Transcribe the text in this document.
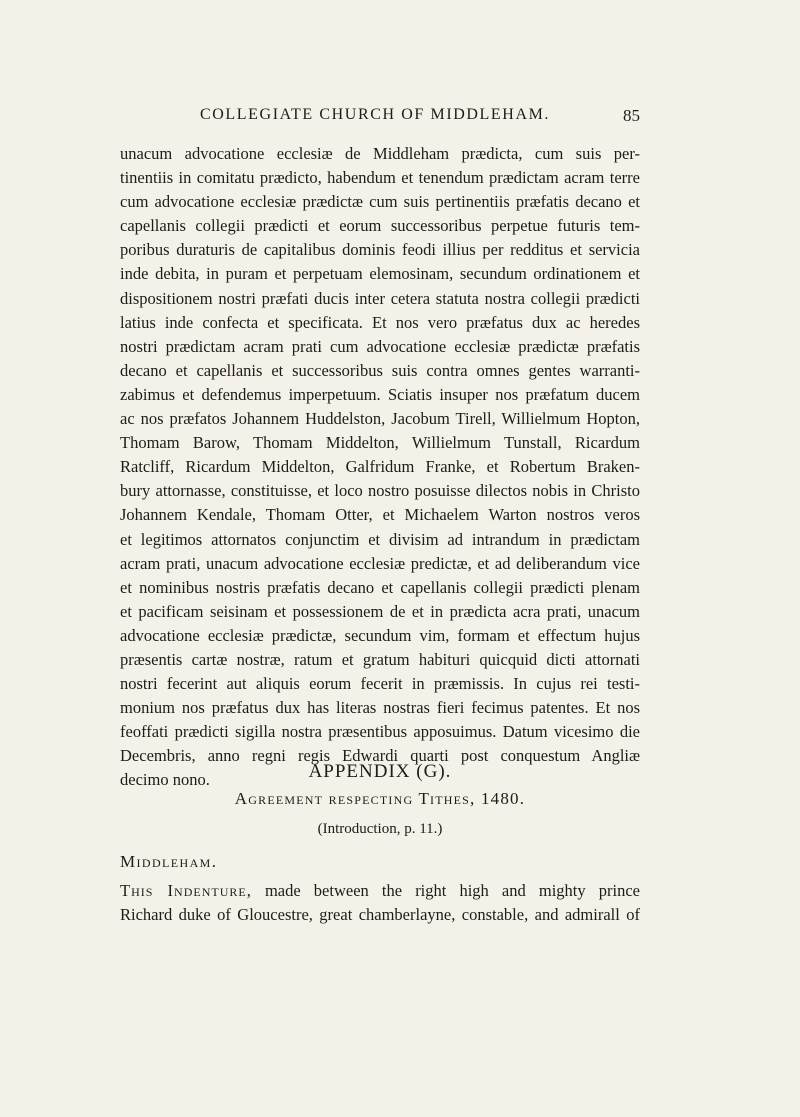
COLLEGIATE CHURCH OF MIDDLEHAM.	85
unacum advocatione ecclesiæ de Middleham prædicta, cum suis per-
tinentiis in comitatu prædicto, habendum et tenendum prædictam acram terre
cum advocatione ecclesiæ prædictæ cum suis pertinentiis præfatis decano et
capellanis collegii prædicti et eorum successoribus perpetue futuris tem-
poribus duraturis de capitalibus dominis feodi illius per redditus et servicia
inde debita, in puram et perpetuam elemosinam, secundum ordinationem et
dispositionem nostri præfati ducis inter cetera statuta nostra collegii prædicti
latius inde confecta et specificata. Et nos vero præfatus dux ac heredes
nostri prædictam acram prati cum advocatione ecclesiæ prædictæ præfatis
decano et capellanis et successoribus suis contra omnes gentes warranti-
zabimus et defendemus imperpetuum. Sciatis insuper nos præfatum ducem
ac nos præfatos Johannem Huddelston, Jacobum Tirell, Willielmum Hopton,
Thomam Barow, Thomam Middelton, Willielmum Tunstall, Ricardum
Ratcliff, Ricardum Middelton, Galfridum Franke, et Robertum Braken-
bury attornasse, constituisse, et loco nostro posuisse dilectos nobis in Christo
Johannem Kendale, Thomam Otter, et Michaelem Warton nostros veros
et legitimos attornatos conjunctim et divisim ad intrandum in prædictam
acram prati, unacum advocatione ecclesiæ predictæ, et ad deliberandum vice
et nominibus nostris præfatis decano et capellanis collegii prædicti plenam
et pacificam seisinam et possessionem de et in prædicta acra prati, unacum
advocatione ecclesiæ prædictæ, secundum vim, formam et effectum hujus
præsentis cartæ nostræ, ratum et gratum habituri quicquid dicti attornati
nostri fecerint aut aliquis eorum fecerit in præmissis. In cujus rei testi-
monium nos præfatus dux has literas nostras fieri fecimus patentes. Et nos
feoffati prædicti sigilla nostra præsentibus apposuimus. Datum vicesimo die
Decembris, anno regni regis Edwardi quarti post conquestum Angliæ
decimo nono.	APPENDIX (G).
Agreement respecting Tithes, 1480.
(Introduction, p. 11.)
Middleham.
This Indenture, made between the right high and mighty prince
Richard duke of Gloucestre, great chamberlayne, constable, and admirall of
